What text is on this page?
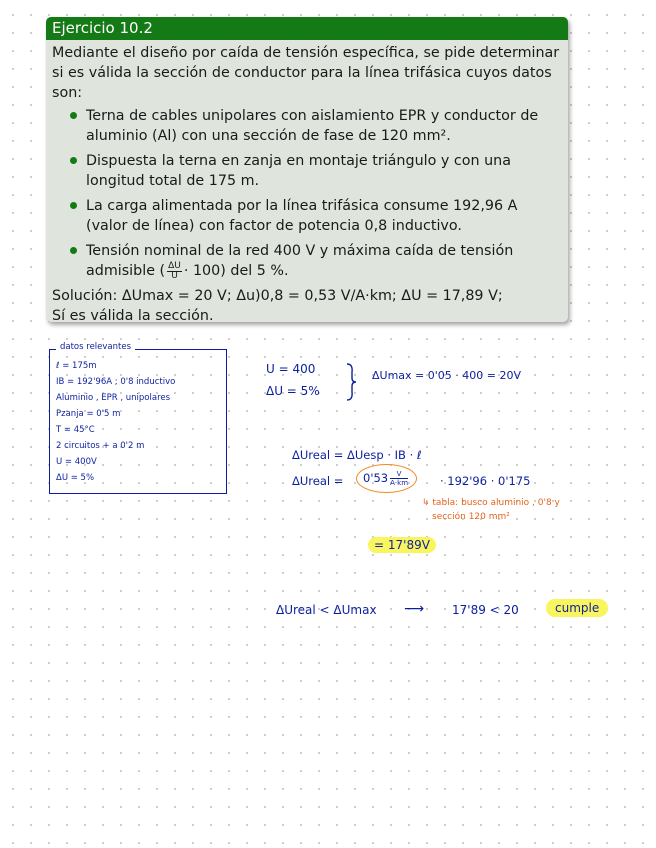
Ejercicio 10.2

Mediante el diseño por caída de tensión específica, se pide determinar si es válida la sección de conductor para la línea trifásica cuyos datos son:

Terna de cables unipolares con aislamiento EPR y conductor de aluminio (Al) con una sección de fase de 120 mm².
Dispuesta la terna en zanja en montaje triángulo y con una longitud total de 175 m.
La carga alimentada por la línea trifásica consume 192,96 A (valor de línea) con factor de potencia 0,8 inductivo.
Tensión nominal de la red 400 V y máxima caída de tensión admisible ( $\frac{\Delta U}{U} \cdot 100$) del 5 %.
Solución: ΔUmax = 20 V; Δu)0,8 = 0,53 V/A·km; ΔU = 17,89 V;
Sí es válida la sección.
datos relevantes
ℓ = 175m
IB = 192'96A ; 0'8 inductivo
Aluminio , EPR , unipolares
Pzanja = 0'5 m
T = 45°C
2 circuitos + a 0'2 m
U = 400V
ΔU = 5%
U = 400
ΔU = 5%
ΔUmax = 0'05 · 400 = 20V
ΔUreal = ΔUesp · IB · ℓ
ΔUreal =	$0'53 \frac{V}{A\cdot km}$	· 192'96 · 0'175
↳ tabla: busco aluminio , 0'8 y
sección 120 mm²
= 17'89V
ΔUreal < ΔUmax ⟶ 17'89 < 20	cumple
